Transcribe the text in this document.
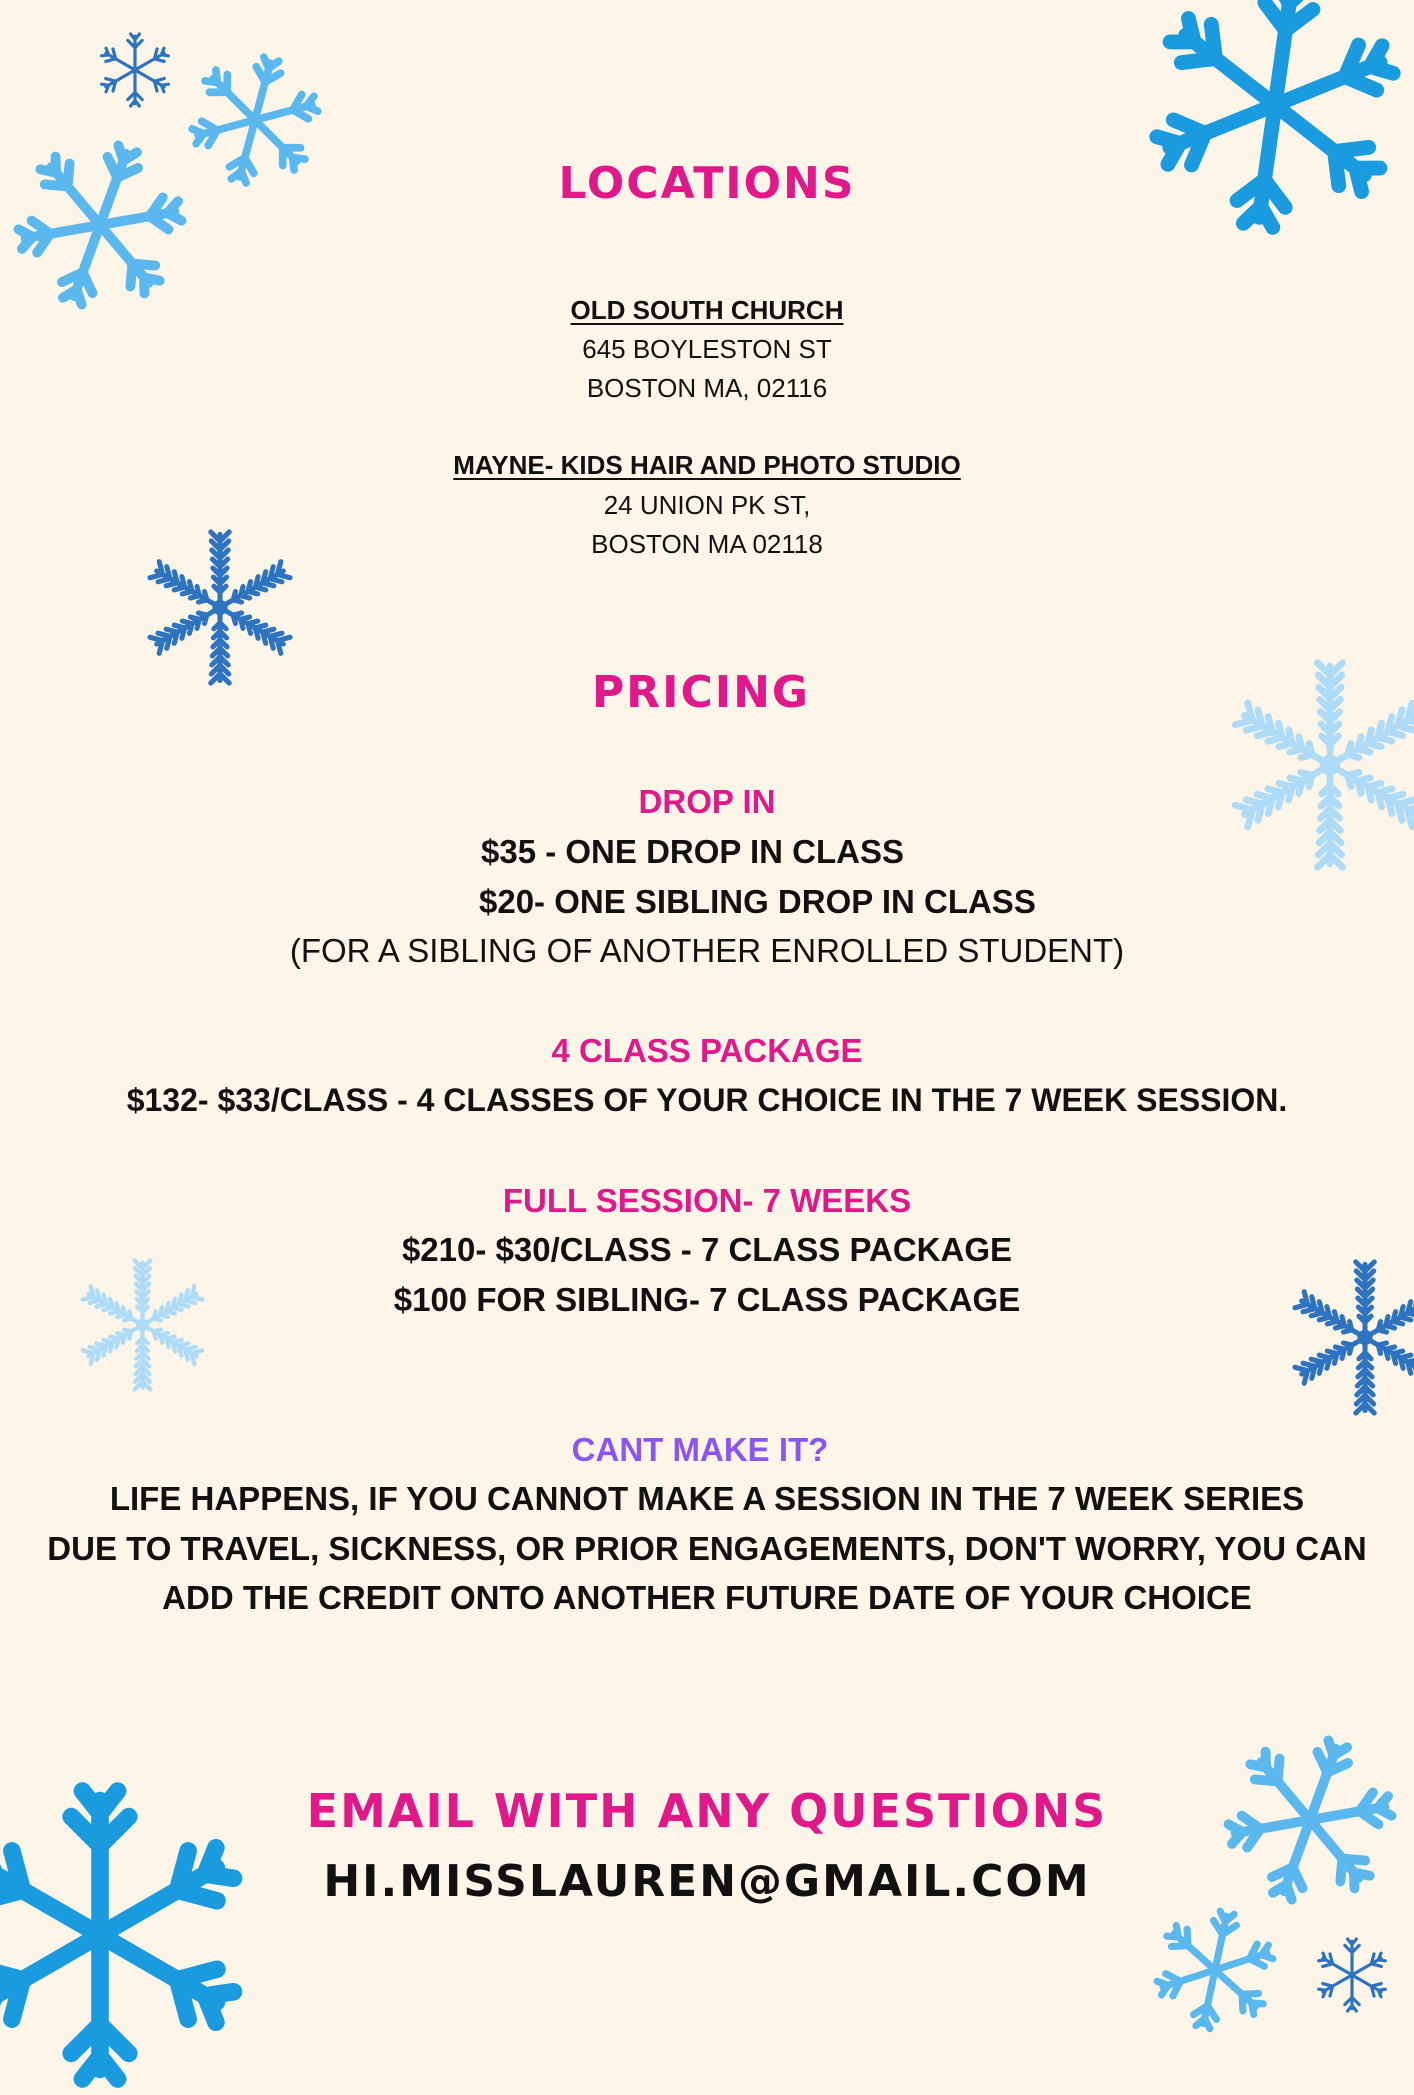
LOCATIONS
OLD SOUTH CHURCH
645 BOYLESTON ST
BOSTON MA, 02116
MAYNE- KIDS HAIR AND PHOTO STUDIO
24 UNION PK ST,
BOSTON MA 02118
PRICING
DROP IN
$35 - ONE DROP IN CLASS
$20- ONE SIBLING DROP IN CLASS
(FOR A SIBLING OF ANOTHER ENROLLED STUDENT)
4 CLASS PACKAGE
$132- $33/CLASS - 4 CLASSES OF YOUR CHOICE IN THE 7 WEEK SESSION.
FULL SESSION- 7 WEEKS
$210- $30/CLASS - 7 CLASS PACKAGE
$100 FOR SIBLING- 7 CLASS PACKAGE
CANT MAKE IT?
LIFE HAPPENS, IF YOU CANNOT MAKE A SESSION IN THE 7 WEEK SERIES
DUE TO TRAVEL, SICKNESS, OR PRIOR ENGAGEMENTS, DON'T WORRY, YOU CAN
ADD THE CREDIT ONTO ANOTHER FUTURE DATE OF YOUR CHOICE
EMAIL WITH ANY QUESTIONS
HI.MISSLAUREN@GMAIL.COM
